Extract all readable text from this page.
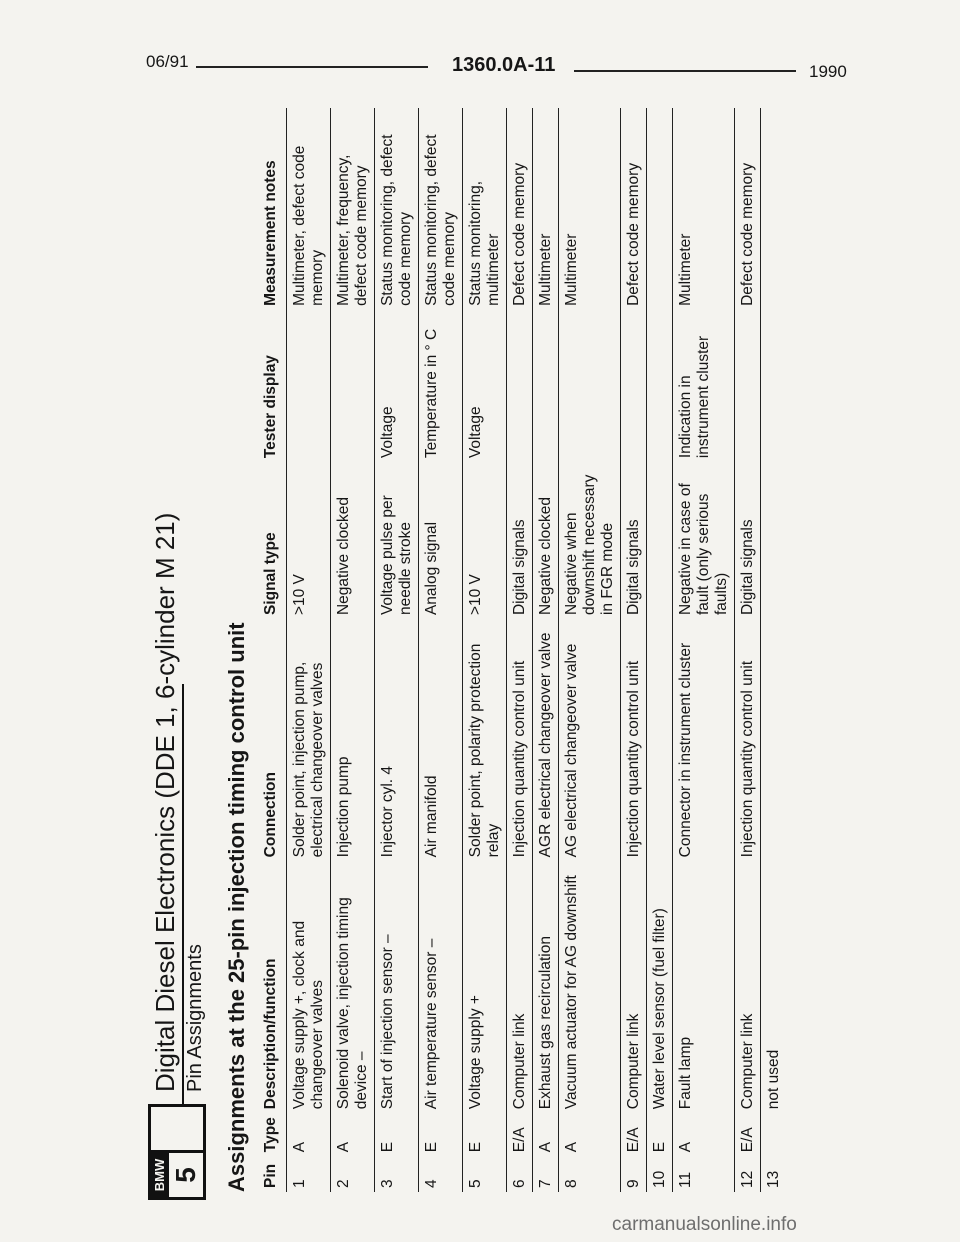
06/91	1360.0A-11	1990
BMW 5
Digital Diesel Electronics (DDE 1, 6-cylinder M 21) Pin Assignments Assignments at the 25-pin injection timing control unit Pin	Type	Description/function	Connection	Signal type	Tester display	Measurement notes
1	A	Voltage supply +, clock and changeover valves	Solder point, injection pump, electrical changeover valves	>10 V		Multimeter, defect code memory
2	A	Solenoid valve, injection timing device –	Injection pump	Negative clocked		Multimeter, frequency, defect code memory
3	E	Start of injection sensor –	Injector cyl. 4	Voltage pulse per needle stroke	Voltage	Status monitoring, defect code memory
4	E	Air temperature sensor –	Air manifold	Analog signal	Temperature in ° C	Status monitoring, defect code memory
5	E	Voltage supply +	Solder point, polarity protection relay	>10 V	Voltage	Status monitoring, multimeter
6	E/A	Computer link	Injection quantity control unit	Digital signals		Defect code memory
7	A	Exhaust gas recirculation	AGR electrical changeover valve	Negative clocked		Multimeter
8	A	Vacuum actuator for AG downshift	AG electrical changeover valve	Negative when downshift necessary in FGR mode		Multimeter
9	E/A	Computer link	Injection quantity control unit	Digital signals		Defect code memory
10	E	Water level sensor (fuel filter)				
11	A	Fault lamp	Connector in instrument cluster	Negative in case of fault (only serious faults)	Indication in instrument cluster	Multimeter
12	E/A	Computer link	Injection quantity control unit	Digital signals		Defect code memory
13		not used				
carmanualsonline.info
